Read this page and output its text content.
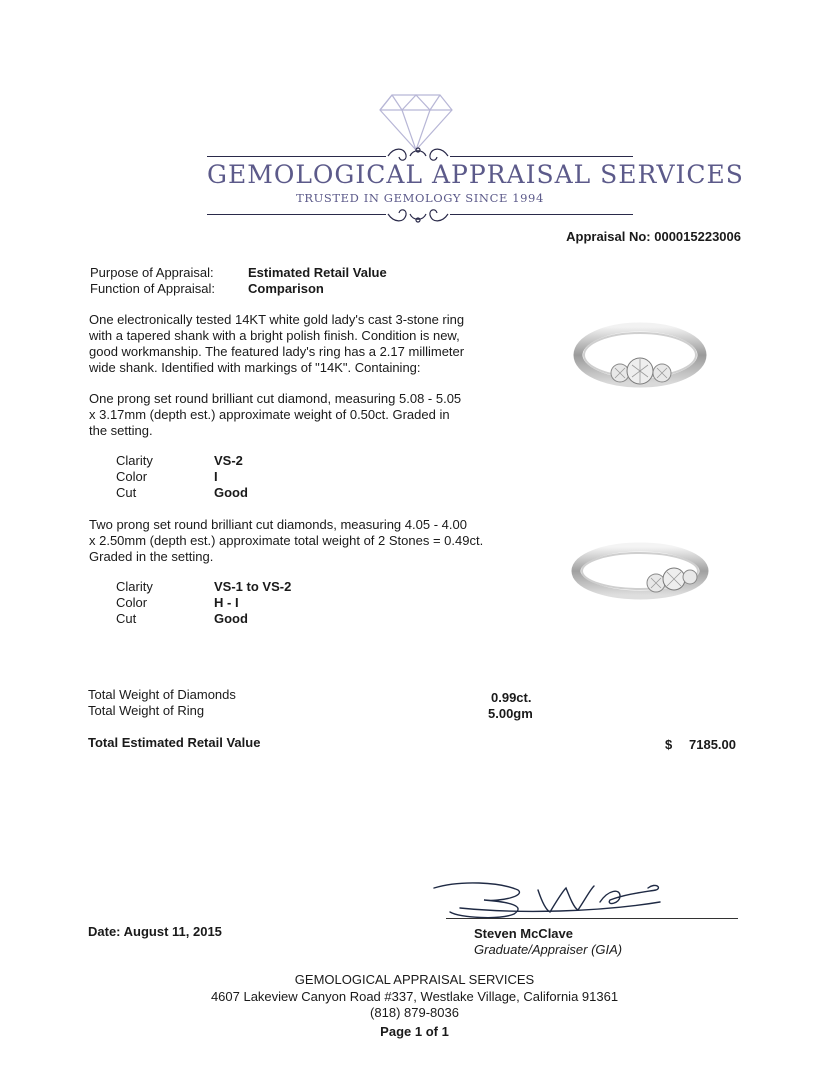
GEMOLOGICAL APPRAISAL SERVICES
TRUSTED IN GEMOLOGY SINCE 1994
Appraisal No: 000015223006
Purpose of Appraisal:	Estimated Retail Value
Function of Appraisal:	Comparison
One electronically tested 14KT white gold lady's cast 3-stone ring
with a tapered shank with a bright polish finish. Condition is new,
good workmanship. The featured lady's ring has a 2.17 millimeter
wide shank. Identified with markings of "14K". Containing:
One prong set round brilliant cut diamond, measuring 5.08 - 5.05
x 3.17mm (depth est.) approximate weight of 0.50ct. Graded in
the setting.
Clarity	VS-2
Color	I
Cut	Good
Two prong set round brilliant cut diamonds, measuring 4.05 - 4.00
x 2.50mm (depth est.) approximate total weight of 2 Stones = 0.49ct.
Graded in the setting.
Clarity	VS-1 to VS-2
Color	H - I
Cut	Good
Total Weight of Diamonds	0.99ct.
Total Weight of Ring	5.00gm
Total Estimated Retail Value	$ 7185.00
Date: August 11, 2015	Steven McClave
Graduate/Appraiser (GIA)
GEMOLOGICAL APPRAISAL SERVICES
4607 Lakeview Canyon Road #337, Westlake Village, California 91361
(818) 879-8036
Page 1 of 1
